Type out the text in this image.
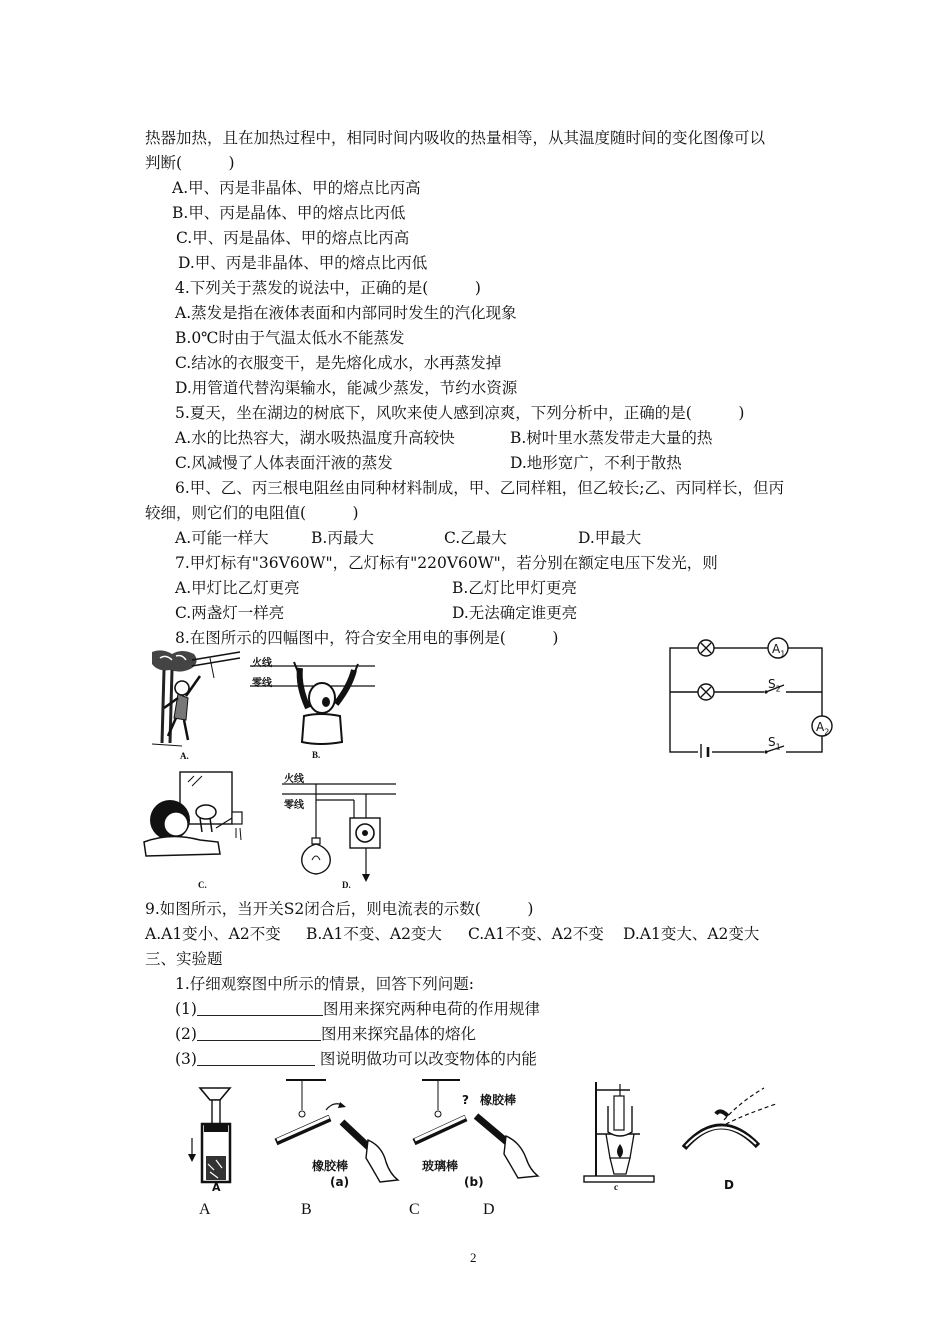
热器加热，且在加热过程中，相同时间内吸收的热量相等，从其温度随时间的变化图像可以
判断(　　　)
A.甲、丙是非晶体、甲的熔点比丙高
B.甲、丙是晶体、甲的熔点比丙低
C.甲、丙是晶体、甲的熔点比丙高
D.甲、丙是非晶体、甲的熔点比丙低
4.下列关于蒸发的说法中，正确的是(　　　)
A.蒸发是指在液体表面和内部同时发生的汽化现象
B.0℃时由于气温太低水不能蒸发
C.结冰的衣服变干，是先熔化成水，水再蒸发掉
D.用管道代替沟渠输水，能减少蒸发，节约水资源
5.夏天，坐在湖边的树底下，风吹来使人感到凉爽，下列分析中，正确的是(　　　)
A.水的比热容大，湖水吸热温度升高较快	B.树叶里水蒸发带走大量的热
C.风减慢了人体表面汗液的蒸发	D.地形宽广，不利于散热
6.甲、乙、丙三根电阻丝由同种材料制成，甲、乙同样粗，但乙较长;乙、丙同样长，但丙
较细，则它们的电阻值(　　　)
A.可能一样大	B.丙最大	C.乙最大	D.甲最大
7.甲灯标有"36V60W"，乙灯标有"220V60W"，若分别在额定电压下发光，则
A.甲灯比乙灯更亮	B.乙灯比甲灯更亮
C.两盏灯一样亮	D.无法确定谁更亮
8.在图所示的四幅图中，符合安全用电的事例是(　　　)
A.
火线
零线
B.
$A_1$
$A_2$
$S_2$
$S_1$
C.
火线
零线
D.
9.如图所示，当开关S2闭合后，则电流表的示数(　　　)
A.A1变小、A2不变 B.A1不变、A2变大 C.A1不变、A2不变 D.A1变大、A2变大
三、实验题
1.仔细观察图中所示的情景，回答下列问题:
(1)	图用来探究两种电荷的作用规律
(2)	图用来探究晶体的熔化
(3)	图说明做功可以改变物体的内能
A
橡胶棒
(a)
? 橡胶棒
玻璃棒
(b)	c	D
A	B	C	D
2
